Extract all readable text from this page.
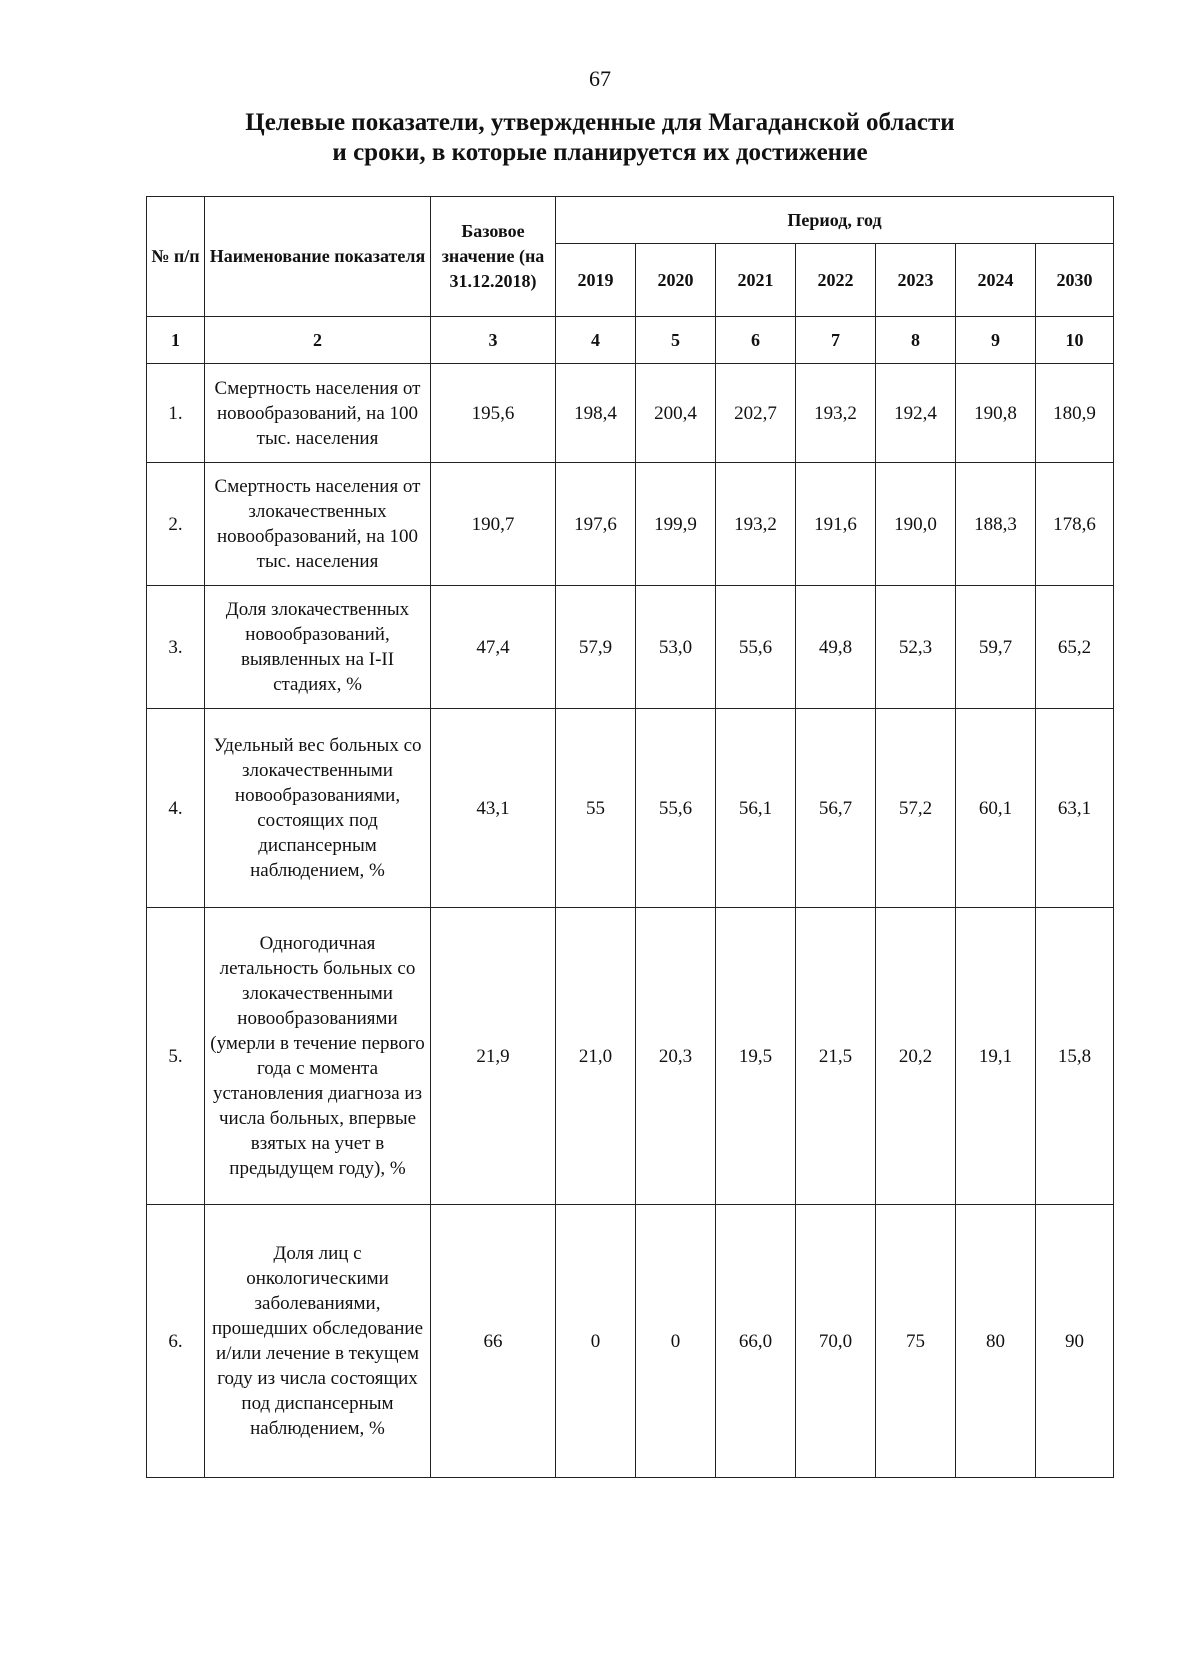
67
Целевые показатели, утвержденные для Магаданской области
и сроки, в которые планируется их достижение
№ п/п	Наименование показателя	Базовое значение (на 31.12.2018)	Период, год						
			2019	2020	2021	2022	2023	2024	2030
1	2	3	4	5	6	7	8	9	10
1.	Смертность населения от новообразований, на 100 тыс. населения	195,6	198,4	200,4	202,7	193,2	192,4	190,8	180,9
2.	Смертность населения от злокачественных новообразований, на 100 тыс. населения	190,7	197,6	199,9	193,2	191,6	190,0	188,3	178,6
3.	Доля злокачественных новообразований, выявленных на I-II стадиях, %	47,4	57,9	53,0	55,6	49,8	52,3	59,7	65,2
4.	Удельный вес больных со злокачественными новообразованиями, состоящих под диспансерным наблюдением, %	43,1	55	55,6	56,1	56,7	57,2	60,1	63,1
5.	Одногодичная летальность больных со злокачественными новообразованиями (умерли в течение первого года с момента установления диагноза из числа больных, впервые взятых на учет в предыдущем году), %	21,9	21,0	20,3	19,5	21,5	20,2	19,1	15,8
6.	Доля лиц с онкологическими заболеваниями, прошедших обследование и/или лечение в текущем году из числа состоящих под диспансерным наблюдением, %	66	0	0	66,0	70,0	75	80	90
